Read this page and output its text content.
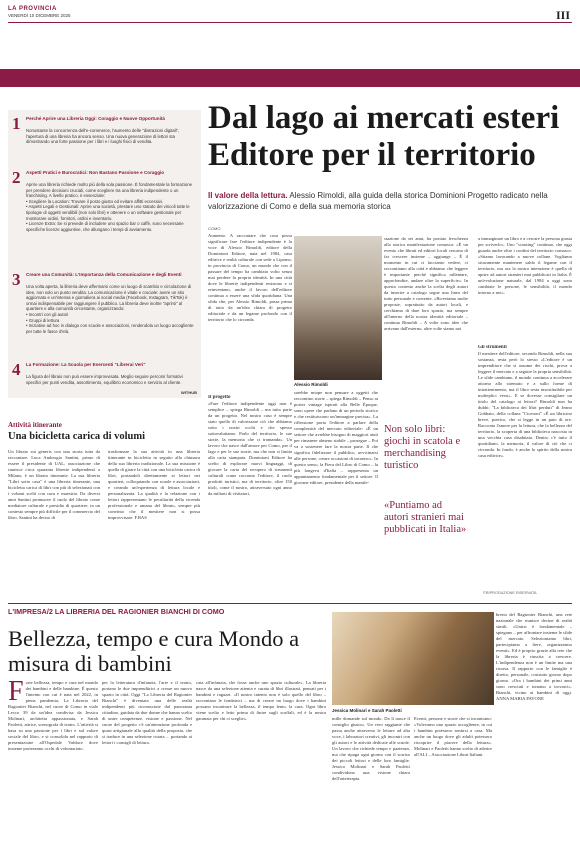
LA PROVINCIA
VENERDÌ 10 DICEMBRE 2025	III
1 Perché Aprire una Libreria Oggi: Coraggio e Nuove Opportunità
Nonostante la concorrenza dell'e-commerce, l'aumento delle "distrazioni digitali", l'apertura di una libreria ha ancora senso. Una nuova generazione di lettori sta dimostrando una forte passione per i libri e i luoghi fisici di vendita.
2 Aspetti Pratici e Burocratici: Non Bastano Passione e Coraggio
Aprire una libreria richiede molto più della sola passione. È fondamentale la formazione per prendere decisioni cruciali, come scegliere tra una libreria indipendente o un franchising. A livello pratico, è essenziale:
• Scegliere la Location: Trovare il posto giusto ed evitare affitti eccessivi.
• Aspetti Legali e Gestionali: Aprire una società, prestare uno statuto dei vincoli tutte le tipologie di oggetti vendibili (non solo libri) e ottenere o un software gestionale per monitorare ordini, fornitori, ordini e inventario.
• Licenze Extra: Se si prevede di includere uno spazio bar o caffè, sono necessarie specifiche licenze aggiuntive, che allungano i tempi di avviamento.
3 Creare una Comunità: L'Importanza della Comunicazione e degli Eventi
Una volta aperta, la libreria deve affermarsi come un luogo di scambio e circolazione di idee, non solo un punto vendita. La comunicazione è vitale e cruciale: avere un sito aggiornato e un'intensa e giornaliera ai social media (Facebook, Instagram, TikTok) è ormai indispensabile per raggiungere il pubblico. La libreria deve inoltre "aprirsi" al quartiere e alla comunità circostante, organizzando:
• Incontri con gli autori
• Gruppi di lettura
• Iniziative ad hoc in dialogo con scuole e associazioni, rendendola un luogo accogliente per tutte le fasce d'età.
4 La Formazione: La Scuola per Esercenti "Librerai Veri"
La figura del libraio non può essere improvvisata. Meglio seguire percorsi formativi specifici per punti vendita, assortimento, equilibrio economico e servizio al cliente.
WITHUB
Attività itinerante
Una bicicletta carica di volumi
Un libraio sui generis con una storia tutta da raccontare. Luca Ambrogio Santini, primo di essere il presidente di UAL, associazione che riunisce circa quaranta librerie indipendenti a Milano, è un libraio itinerante. La sua libreria "Libri sotto casa" è una libreria itinerante, una bicicletta carica di libri con più di selezionati con i volumi scelti con cura e maestria. Da diversi anni Santini promuove il ruolo del libraio come mediatore culturale e presidio di quartiere, in un contesto sempre più difficile per il commercio del libro. Santini ha deciso di
trasformare la sua attività in una libreria itinerante in bicicletta in seguito alla chiusura della sua libreria tradizionale. La sua missione è quella di girare la città con una bicicletta carica di libri, portandoli direttamente ai lettori nei quartieri, colloquiando con scuole e associazioni, e creando un'esperienza di lettura locale e personalizzata. La qualità e la relazione con i lettori rappresentano le peculiarità della vicenda professionale e umana del libraio, sempre più convinto che il mestiere non si possa improvvisare. F.BAS
Dal lago ai mercati esteri Editore per il territorio
Il valore della lettura. Alessio Rimoldi, alla guida della storica Dominioni Progetto radicato nella valorizzazione di Como e della sua memoria storica
COMO
Aumento. A raccontare che cosa possa significare fare l'editore indipendente è la voce di Alessio Rimoldi, editore della Dominioni Editore, nata nel 1984, casa editrice e realtà culturale con sede a Lipomo, in provincia di Como, un mondo che con il passare del tempo ha cambiato volto senza mai perdere la propria identità. In una città dove le librerie indipendenti resistono e si reinventano, anche il lavoro dell'editore continua a essere una sfida quotidiana. Una sfida che, per Alessio Rimoldi, passa prima di tutto da un'idea chiara di progetto editoriale e da un legame profondo con il territorio che lo circonda.
Il progetto
«Fare l'editore indipendente oggi non è semplice – spiega Rimoldi – ma tutto parte da un progetto. Nel nostro caso è sempre stato quello di valorizzare ciò che abbiamo sotto i nostri occhi e che spesso sottovalutiamo. Parlo del territorio, le sue storie, la memoria che ci tramanda». Un lavoro che nasce dall'amore per Como, per il lago e per le sue storie, ma che non si limita alla carta stampata. Dominioni Editore ha scelto di esplorare nuovi linguaggi, di giocare la carta del recupero di strumenti culturali come racconta l'editore, il ruolo prodotti turistici, ma di territorio, oltre 150 titoli, come il nostro, attraversato ogni anno da milioni di visitatori,
Alessio Rimoldi
sarebbe miope non pensare a oggetti che raccontino storie – spiega Rimoldi – Penso ai poster vintage ispirati alla Belle Époque, sono opere che parlano di un periodo storico e che restituiscono un'immagine precisa». La riflessione porta l'editore a parlare della complessità del mercato editoriale: «È un settore che avrebbe bisogno di maggiori aiuti per rimanere almeno stabile – prosegue – Poi va a sostenere fare la nostra parte. Il che significa fidelizzare il pubblico, avvicinarsi alle persone, creare occasioni di incontro». In questo senso, la Fiera del Libro di Como – la più longeva d'Italia – rappresenta un appuntamento fondamentale per il settore. Il giovane editore, presidente della manife-
stazione da sei anni, ha portato freschezza alla storica manifestazione comasca: «È un evento che libraii ed editori locali cercano di far crescere insieme – aggiunge – È il momento in cui ci facciamo vedere, ci raccontiamo alla città e abbiamo che leggere è importante perché significa rallentare, approfondire, andare oltre la superficie». In questo contesto anche la scelta degli autori da inserire a catalogo segue una linea del tutto personale e coerente. «Riceviamo molte proposte, soprattutto da autori locali, e cerchiamo di dare loro spazio, ma sempre all'interno della nostra identità editoriale – continua Rimoldi – A volte sono idee che arrivano dall'esterno, altre volte siamo noi
Non solo libri: giochi in scatola e merchandising turistico
«Puntiamo ad autori stranieri mai pubblicati in Italia»
a immaginare un libro e a cercare la persona giusta per scriverlo». Uno "scouting" continuo, che oggi guarda anche oltre i confini del territorio comasco. «Stiamo lavorando a nuove collane. Vogliamo sicuramente mantenere saldo il legame con il territorio, ma ora la nostra intenzione è quella di aprire ad autori stranieri mai pubblicati in Italia. È un'evoluzione naturale, dal 1984 a oggi sono cambiate le persone, le sensibilità, il mondo intorno a noi».
Gli strumenti
Il mestiere dell'editore, secondo Rimoldi, nella sua sostanza, resta però lo stesso «L'editore è un imprenditore che si assume dei rischi, prova a leggere il mercato e a seguire la propria sensibilità. Le sfide cambiano, il mondo continua a accelerare attorno allo stremato e a sullo forme di intrattenimento, ma il libro resta insostituibile per molteplici versi». E se dovesse consigliare un titolo del catalogo ai lettori? Rimoldi non ha dubbi: "La biblioteca dei libri perduti" di Jeano Gobbato, della collana "Ciceroni" «È un libricino breve, poetico, che si legge in un paio di ore. Racconta l'amore per la lettura, che la bellezza del territorio, la scoperta di una biblioteca nascosta in una vecchia casa disabitata. Dentro c'è tutto il quotidiano, la memoria, il valore di ciò che ci circonda. In fondo, è anche lo spirito della nostra casa editrice».
©RIPRODUZIONE RISERVATA
L'IMPRESA/2 LA LIBRERIA DEL RAGIONIER BIANCHI DI COMO
Bellezza, tempo e cura Mondo a misura di bambini
Jessica Molinari e Sarah Paoletti
Forte bellezza, tempo e cura nel mondo dei bambini e delle bambine. È questo l'intento con cui è nata nel 2022, in piena pandemia, La Libreria del Ragionier Bianchi, nel cuore di Como in viale Lecco 39 da un'idea condivisa da Jessica Molinari, architetta appassionata, e Sarah Paoletti, attrice, scenografa di teatro. L'attività si basa su una passione per i libri e sul valore sociale del libro, e si consolida nel rapporto di presentazione all'Ospedale Valduce dove insieme porteranno occhi di volontariato.
per la letteratura d'infanzia, l'arte e il teatro, portano le due imprenditrici a creare un nuovo spazio in città. Oggi "La Libreria del Ragionier Bianchi" è diventata una delle realtà indipendenti più riconosciute dal panorama cittadino, guidata da due donne che hanno scelto di unire competenze, visione e passione. Nel cuore del progetto c'è un'attenzione profonda e quasi artigianale alla qualità della proposta, che si traduce in una selezione curata ... portando ai lettori i consigli di lettura.
cata all'infanzia, che fosse anche uno spazio culturale». La libreria nasce da una selezione attenta e curata di libri illustrati, pensati per i bambini e ragazzi. «Il nostro intento non è solo quello del libro – raccontano le fondatrici – ma di creare un luogo dove i bambini possano incontrare la bellezza, il tempo lento, la cura. Ogni libro viene scelto e letto prima di finire sugli scaffali, ed è la nostra garanzia per chi ci sceglie».	mille domande sul mondo. Da lì nasce il consiglio giusto». Un vero raggiante che passa anche attraverso le letture ad alta voce, i laboratori creativi, gli incontri con gli autori e le attività dedicate alle scuole. Un lavoro che richiede tempo e pazienza, ma che ripaga ogni giorno con il sorriso dei piccoli lettori e delle loro famiglie. Jessica Molinari e Sarah Paoletti condividono una visione chiara dell'arteterapia.
Eventi, persone e storie che si incontrano: «Volevamo uno spazio accogliente, in cui i bambini potessero sentirsi a casa. Ma anche un luogo dove gli adulti potessero riscoprire il piacere della lettura». Molinari e Paoletti hanno scelto di aderire all'ALI – Associazione Librai Italiani.
breria del Ragionier Bianchi, una rete nazionale che riunisce decine di realtà simili. «Unirsi è fondamentale – spiegano – per affrontare insieme le sfide del mercato. Selezioniamo libri, partecipiamo a fiere, organizziamo eventi». Ed è proprio grazie alla rete che la libreria è riuscita a crescere. L'indipendenza non è un limite ma una risorsa. Il rapporto con le famiglie è diretto, personale, costruito giorno dopo giorno. «Ora i bambini dei primi anni sono cresciuti e tornano a trovarci». Bianchi, vicino ai bambini di oggi. ANNA MARIA PAVONE
